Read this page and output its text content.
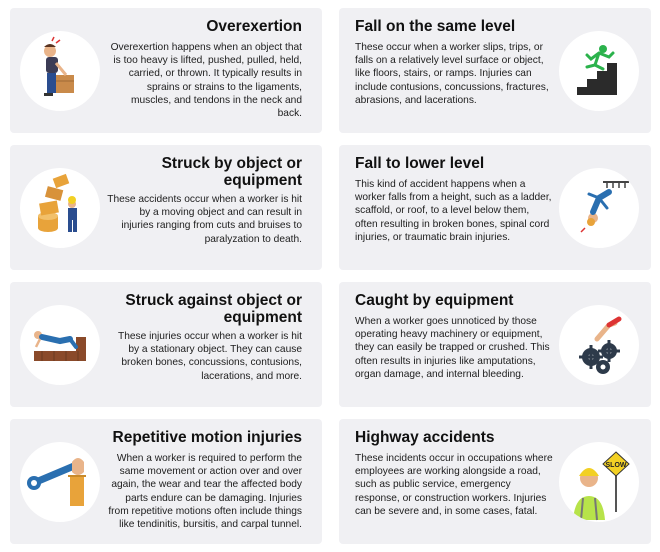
Overexertion
Overexertion happens when an object that is too heavy is lifted, pushed, pulled, held, carried, or thrown. It typically results in sprains or strains to the ligaments, muscles, and tendons in the neck and back.
Fall on the same level
These occur when a worker slips, trips, or falls on a relatively level surface or object, like floors, stairs, or ramps. Injuries can include contusions, concussions, fractures, abrasions, and lacerations.
Struck by object or equipment
These accidents occur when a worker is hit by a moving object and can result in injuries ranging from cuts and bruises to paralyzation to death.
Fall to lower level
This kind of accident happens when a worker falls from a height, such as a ladder, scaffold, or roof, to a level below them, often resulting in broken bones, spinal cord injuries, or traumatic brain injuries.
Struck against object or equipment
These injuries occur when a worker is hit by a stationary object. They can cause broken bones, concussions, contusions, lacerations, and more.
Caught by equipment
When a worker goes unnoticed by those operating heavy machinery or equipment, they can easily be trapped or crushed. This often results in injuries like amputations, organ damage, and internal bleeding.
Repetitive motion injuries
When a worker is required to perform the same movement or action over and over again, the wear and tear the affected body parts endure can be damaging. Injuries from repetitive motions often include things like tendinitis, bursitis, and carpal tunnel.
Highway accidents
These incidents occur in occupations where employees are working alongside a road, such as public service, emergency response, or construction workers. Injuries can be severe and, in some cases, fatal.
SLOW
